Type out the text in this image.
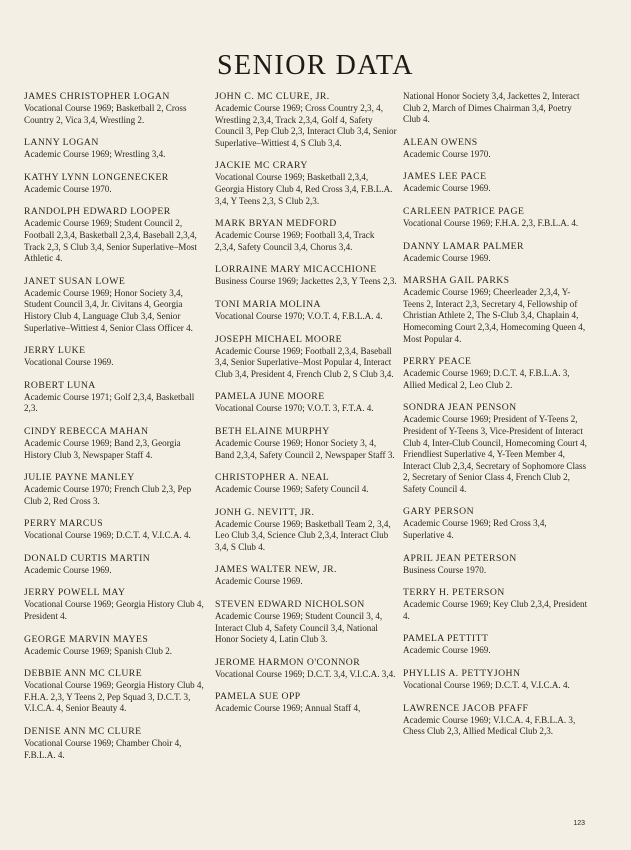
SENIOR DATA
JAMES CHRISTOPHER LOGAN
Vocational Course 1969; Basketball 2, Cross Country 2, Vica 3,4, Wrestling 2.
LANNY LOGAN
Academic Course 1969; Wrestling 3,4.
KATHY LYNN LONGENECKER
Academic Course 1970.
RANDOLPH EDWARD LOOPER
Academic Course 1969; Student Council 2, Football 2,3,4, Basketball 2,3,4, Baseball 2,3,4, Track 2,3, S Club 3,4, Senior Superlative–Most Athletic 4.
JANET SUSAN LOWE
Academic Course 1969; Honor Society 3,4, Student Council 3,4, Jr. Civitans 4, Georgia History Club 4, Language Club 3,4, Senior Superlative–Wittiest 4, Senior Class Officer 4.
JERRY LUKE
Vocational Course 1969.
ROBERT LUNA
Academic Course 1971; Golf 2,3,4, Basketball 2,3.
CINDY REBECCA MAHAN
Academic Course 1969; Band 2,3, Georgia History Club 3, Newspaper Staff 4.
JULIE PAYNE MANLEY
Academic Course 1970; French Club 2,3, Pep Club 2, Red Cross 3.
PERRY MARCUS
Vocational Course 1969; D.C.T. 4, V.I.C.A. 4.
DONALD CURTIS MARTIN
Academic Course 1969.
JERRY POWELL MAY
Vocational Course 1969; Georgia History Club 4, President 4.
GEORGE MARVIN MAYES
Academic Course 1969; Spanish Club 2.
DEBBIE ANN MC CLURE
Vocational Course 1969; Georgia History Club 4, F.H.A. 2,3, Y Teens 2, Pep Squad 3, D.C.T. 3, V.I.C.A. 4, Senior Beauty 4.
DENISE ANN MC CLURE
Vocational Course 1969; Chamber Choir 4, F.B.L.A. 4.
JOHN C. MC CLURE, JR.
Academic Course 1969; Cross Country 2,3, 4, Wrestling 2,3,4, Track 2,3,4, Golf 4, Safety Council 3, Pep Club 2,3, Interact Club 3,4, Senior Superlative–Wittiest 4, S Club 3,4.
JACKIE MC CRARY
Vocational Course 1969; Basketball 2,3,4, Georgia History Club 4, Red Cross 3,4, F.B.L.A. 3,4, Y Teens 2,3, S Club 2,3.
MARK BRYAN MEDFORD
Academic Course 1969; Football 3,4, Track 2,3,4, Safety Council 3,4, Chorus 3,4.
LORRAINE MARY MICACCHIONE
Business Course 1969; Jackettes 2,3, Y Teens 2,3.
TONI MARIA MOLINA
Vocational Course 1970; V.O.T. 4, F.B.L.A. 4.
JOSEPH MICHAEL MOORE
Academic Course 1969; Football 2,3,4, Baseball 3,4, Senior Superlative–Most Popular 4, Interact Club 3,4, President 4, French Club 2, S Club 3,4.
PAMELA JUNE MOORE
Vocational Course 1970; V.O.T. 3, F.T.A. 4.
BETH ELAINE MURPHY
Academic Course 1969; Honor Society 3, 4, Band 2,3,4, Safety Council 2, Newspaper Staff 3.
CHRISTOPHER A. NEAL
Academic Course 1969; Safety Council 4.
JONH G. NEVITT, JR.
Academic Course 1969; Basketball Team 2, 3,4, Leo Club 3,4, Science Club 2,3,4, Interact Club 3,4, S Club 4.
JAMES WALTER NEW, JR.
Academic Course 1969.
STEVEN EDWARD NICHOLSON
Academic Course 1969; Student Council 3, 4, Interact Club 4, Safety Council 3,4, National Honor Society 4, Latin Club 3.
JEROME HARMON O'CONNOR
Vocational Course 1969; D.C.T. 3,4, V.I.C.A. 3,4.
PAMELA SUE OPP
Academic Course 1969; Annual Staff 4,
National Honor Society 3,4, Jackettes 2, Interact Club 2, March of Dimes Chairman 3,4, Poetry Club 4.
ALEAN OWENS
Academic Course 1970.
JAMES LEE PACE
Academic Course 1969.
CARLEEN PATRICE PAGE
Vocational Course 1969; F.H.A. 2,3, F.B.L.A. 4.
DANNY LAMAR PALMER
Academic Course 1969.
MARSHA GAIL PARKS
Academic Course 1969; Cheerleader 2,3,4, Y-Teens 2, Interact 2,3, Secretary 4, Fellowship of Christian Athlete 2, The S-Club 3,4, Chaplain 4, Homecoming Court 2,3,4, Homecoming Queen 4, Most Popular 4.
PERRY PEACE
Academic Course 1969; D.C.T. 4, F.B.L.A. 3, Allied Medical 2, Leo Club 2.
SONDRA JEAN PENSON
Academic Course 1969; President of Y-Teens 2, President of Y-Teens 3, Vice-President of Interact Club 4, Inter-Club Council, Homecoming Court 4, Friendliest Superlative 4, Y-Teen Member 4, Interact Club 2,3,4, Secretary of Sophomore Class 2, Secretary of Senior Class 4, French Club 2, Safety Council 4.
GARY PERSON
Academic Course 1969; Red Cross 3,4, Superlative 4.
APRIL JEAN PETERSON
Business Course 1970.
TERRY H. PETERSON
Academic Course 1969; Key Club 2,3,4, President 4.
PAMELA PETTITT
Academic Course 1969.
PHYLLIS A. PETTYJOHN
Vocational Course 1969; D.C.T. 4, V.I.C.A. 4.
LAWRENCE JACOB PFAFF
Academic Course 1969; V.I.C.A. 4, F.B.L.A. 3, Chess Club 2,3, Allied Medical Club 2,3.
123
